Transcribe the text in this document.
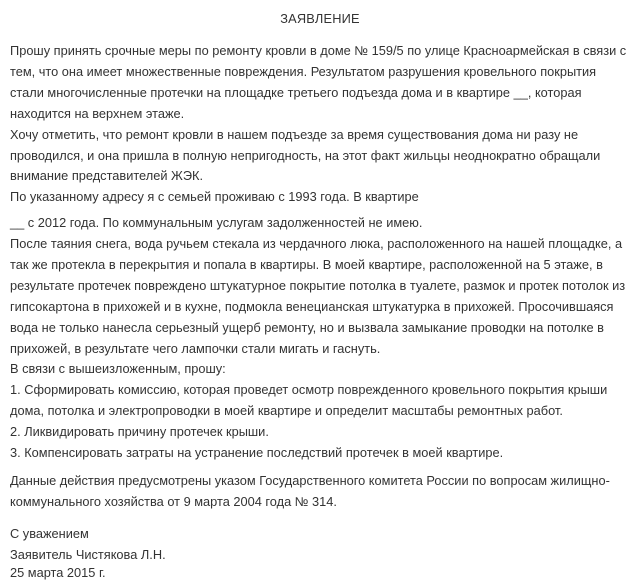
ЗАЯВЛЕНИЕ
Прошу принять срочные меры по ремонту кровли в доме № 159/5 по улице Красноармейская в связи с
тем, что она имеет множественные повреждения. Результатом разрушения кровельного покрытия
стали многочисленные протечки на площадке третьего подъезда дома и в квартире __, которая
находится на верхнем этаже.
Хочу отметить, что ремонт кровли в нашем подъезде за время существования дома ни разу не
проводился, и она пришла в полную непригодность, на этот факт жильцы неоднократно обращали
внимание представителей ЖЭК.
По указанному адресу я с семьей проживаю с 1993 года. В квартире
__ с 2012 года. По коммунальным услугам задолженностей не имею.
После таяния снега, вода ручьем стекала из чердачного люка, расположенного на нашей площадке, а
так же протекла в перекрытия и попала в квартиры. В моей квартире, расположенной на 5 этаже, в
результате протечек повреждено штукатурное покрытие потолка в туалете, размок и протек потолок из
гипсокартона в прихожей и в кухне, подмокла венецианская штукатурка в прихожей. Просочившаяся
вода не только нанесла серьезный ущерб ремонту, но и вызвала замыкание проводки на потолке в
прихожей, в результате чего лампочки стали мигать и гаснуть.
В связи с вышеизложенным, прошу:
1. Сформировать комиссию, которая проведет осмотр поврежденного кровельного покрытия крыши
дома, потолка и электропроводки в моей квартире и определит масштабы ремонтных работ.
2. Ликвидировать причину протечек крыши.
3. Компенсировать затраты на устранение последствий протечек в моей квартире.
Данные действия предусмотрены указом Государственного комитета России по вопросам жилищно-
коммунального хозяйства от 9 марта 2004 года № 314.
С уважением
Заявитель Чистякова Л.Н.
25 марта 2015 г.
